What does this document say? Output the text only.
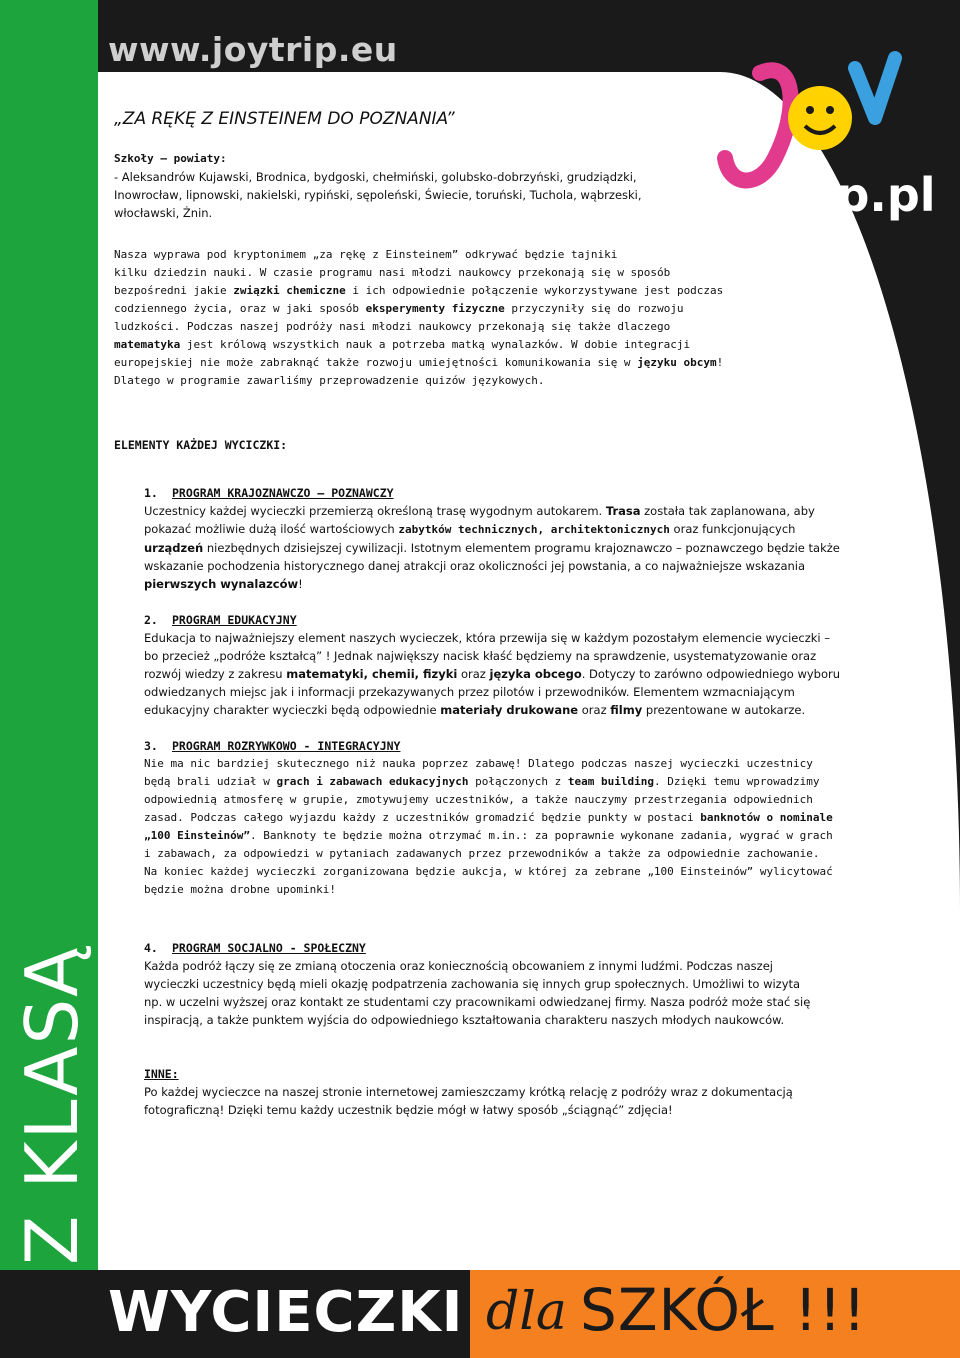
www.joytrip.eu
trip.pl
Z KLASĄ

„ZA RĘKĘ Z EINSTEINEM DO POZNANIA”

Szkoły – powiaty:

- Aleksandrów Kujawski, Brodnica, bydgoski, chełmiński, golubsko-dobrzyński, grudziądzki, Inowrocław, lipnowski, nakielski, rypiński, sępoleński, Świecie, toruński, Tuchola, wąbrzeski, włocławski, Żnin.

Nasza wyprawa pod kryptonimem „za rękę z Einsteinem” odkrywać będzie tajniki

kilku dziedzin nauki. W czasie programu nasi młodzi naukowcy przekonają się w sposób bezpośredni jakie związki chemiczne i ich odpowiednie połączenie wykorzystywane jest podczas codziennego życia, oraz w jaki sposób eksperymenty fizyczne przyczyniły się do rozwoju ludzkości. Podczas naszej podróży nasi młodzi naukowcy przekonają się także dlaczego matematyka jest królową wszystkich nauk a potrzeba matką wynalazków. W dobie integracji europejskiej nie może zabraknąć także rozwoju umiejętności komunikowania się w języku obcym!

Dlatego w programie zawarliśmy przeprowadzenie quizów językowych.

ELEMENTY KAŻDEJ WYCICZKI:

1. PROGRAM KRAJOZNAWCZO – POZNAWCZY

Uczestnicy każdej wycieczki przemierzą określoną trasę wygodnym autokarem. Trasa została tak zaplanowana, aby pokazać możliwie dużą ilość wartościowych zabytków technicznych, architektonicznych oraz funkcjonujących urządzeń niezbędnych dzisiejszej cywilizacji. Istotnym elementem programu krajoznawczo – poznawczego będzie także wskazanie pochodzenia historycznego danej atrakcji oraz okoliczności jej powstania, a co najważniejsze wskazania pierwszych wynalazców!

2. PROGRAM EDUKACYJNY

Edukacja to najważniejszy element naszych wycieczek, która przewija się w każdym pozostałym elemencie wycieczki – bo przecież „podróże kształcą” ! Jednak największy nacisk kłaść będziemy na sprawdzenie, usystematyzowanie oraz rozwój wiedzy z zakresu matematyki, chemii, fizyki oraz języka obcego. Dotyczy to zarówno odpowiedniego wyboru odwiedzanych miejsc jak i informacji przekazywanych przez pilotów i przewodników. Elementem wzmacniającym edukacyjny charakter wycieczki będą odpowiednie materiały drukowane oraz filmy prezentowane w autokarze.

3. PROGRAM ROZRYWKOWO - INTEGRACYJNY

Nie ma nic bardziej skutecznego niż nauka poprzez zabawę! Dlatego podczas naszej wycieczki uczestnicy będą brali udział w grach i zabawach edukacyjnych połączonych z team building. Dzięki temu wprowadzimy odpowiednią atmosferę w grupie, zmotywujemy uczestników, a także nauczymy przestrzegania odpowiednich zasad. Podczas całego wyjazdu każdy z uczestników gromadzić będzie punkty w postaci banknotów o nominale „100 Einsteinów”. Banknoty te będzie można otrzymać m.in.: za poprawnie wykonane zadania, wygrać w grach i zabawach, za odpowiedzi w pytaniach zadawanych przez przewodników a także za odpowiednie zachowanie. Na koniec każdej wycieczki zorganizowana będzie aukcja, w której za zebrane „100 Einsteinów” wylicytować będzie można drobne upominki!

4. PROGRAM SOCJALNO - SPOŁECZNY

Każda podróż łączy się ze zmianą otoczenia oraz koniecznością obcowaniem z innymi ludźmi. Podczas naszej wycieczki uczestnicy będą mieli okazję podpatrzenia zachowania się innych grup społecznych. Umożliwi to wizyta np. w uczelni wyższej oraz kontakt ze studentami czy pracownikami odwiedzanej firmy. Nasza podróż może stać się inspiracją, a także punktem wyjścia do odpowiedniego kształtowania charakteru naszych młodych naukowców.

INNE:

Po każdej wycieczce na naszej stronie internetowej zamieszczamy krótką relację z podróży wraz z dokumentacją fotograficzną! Dzięki temu każdy uczestnik będzie mógł w łatwy sposób „ściągnąć” zdjęcia!

WYCIECZKI dla SZKÓŁ !!!
